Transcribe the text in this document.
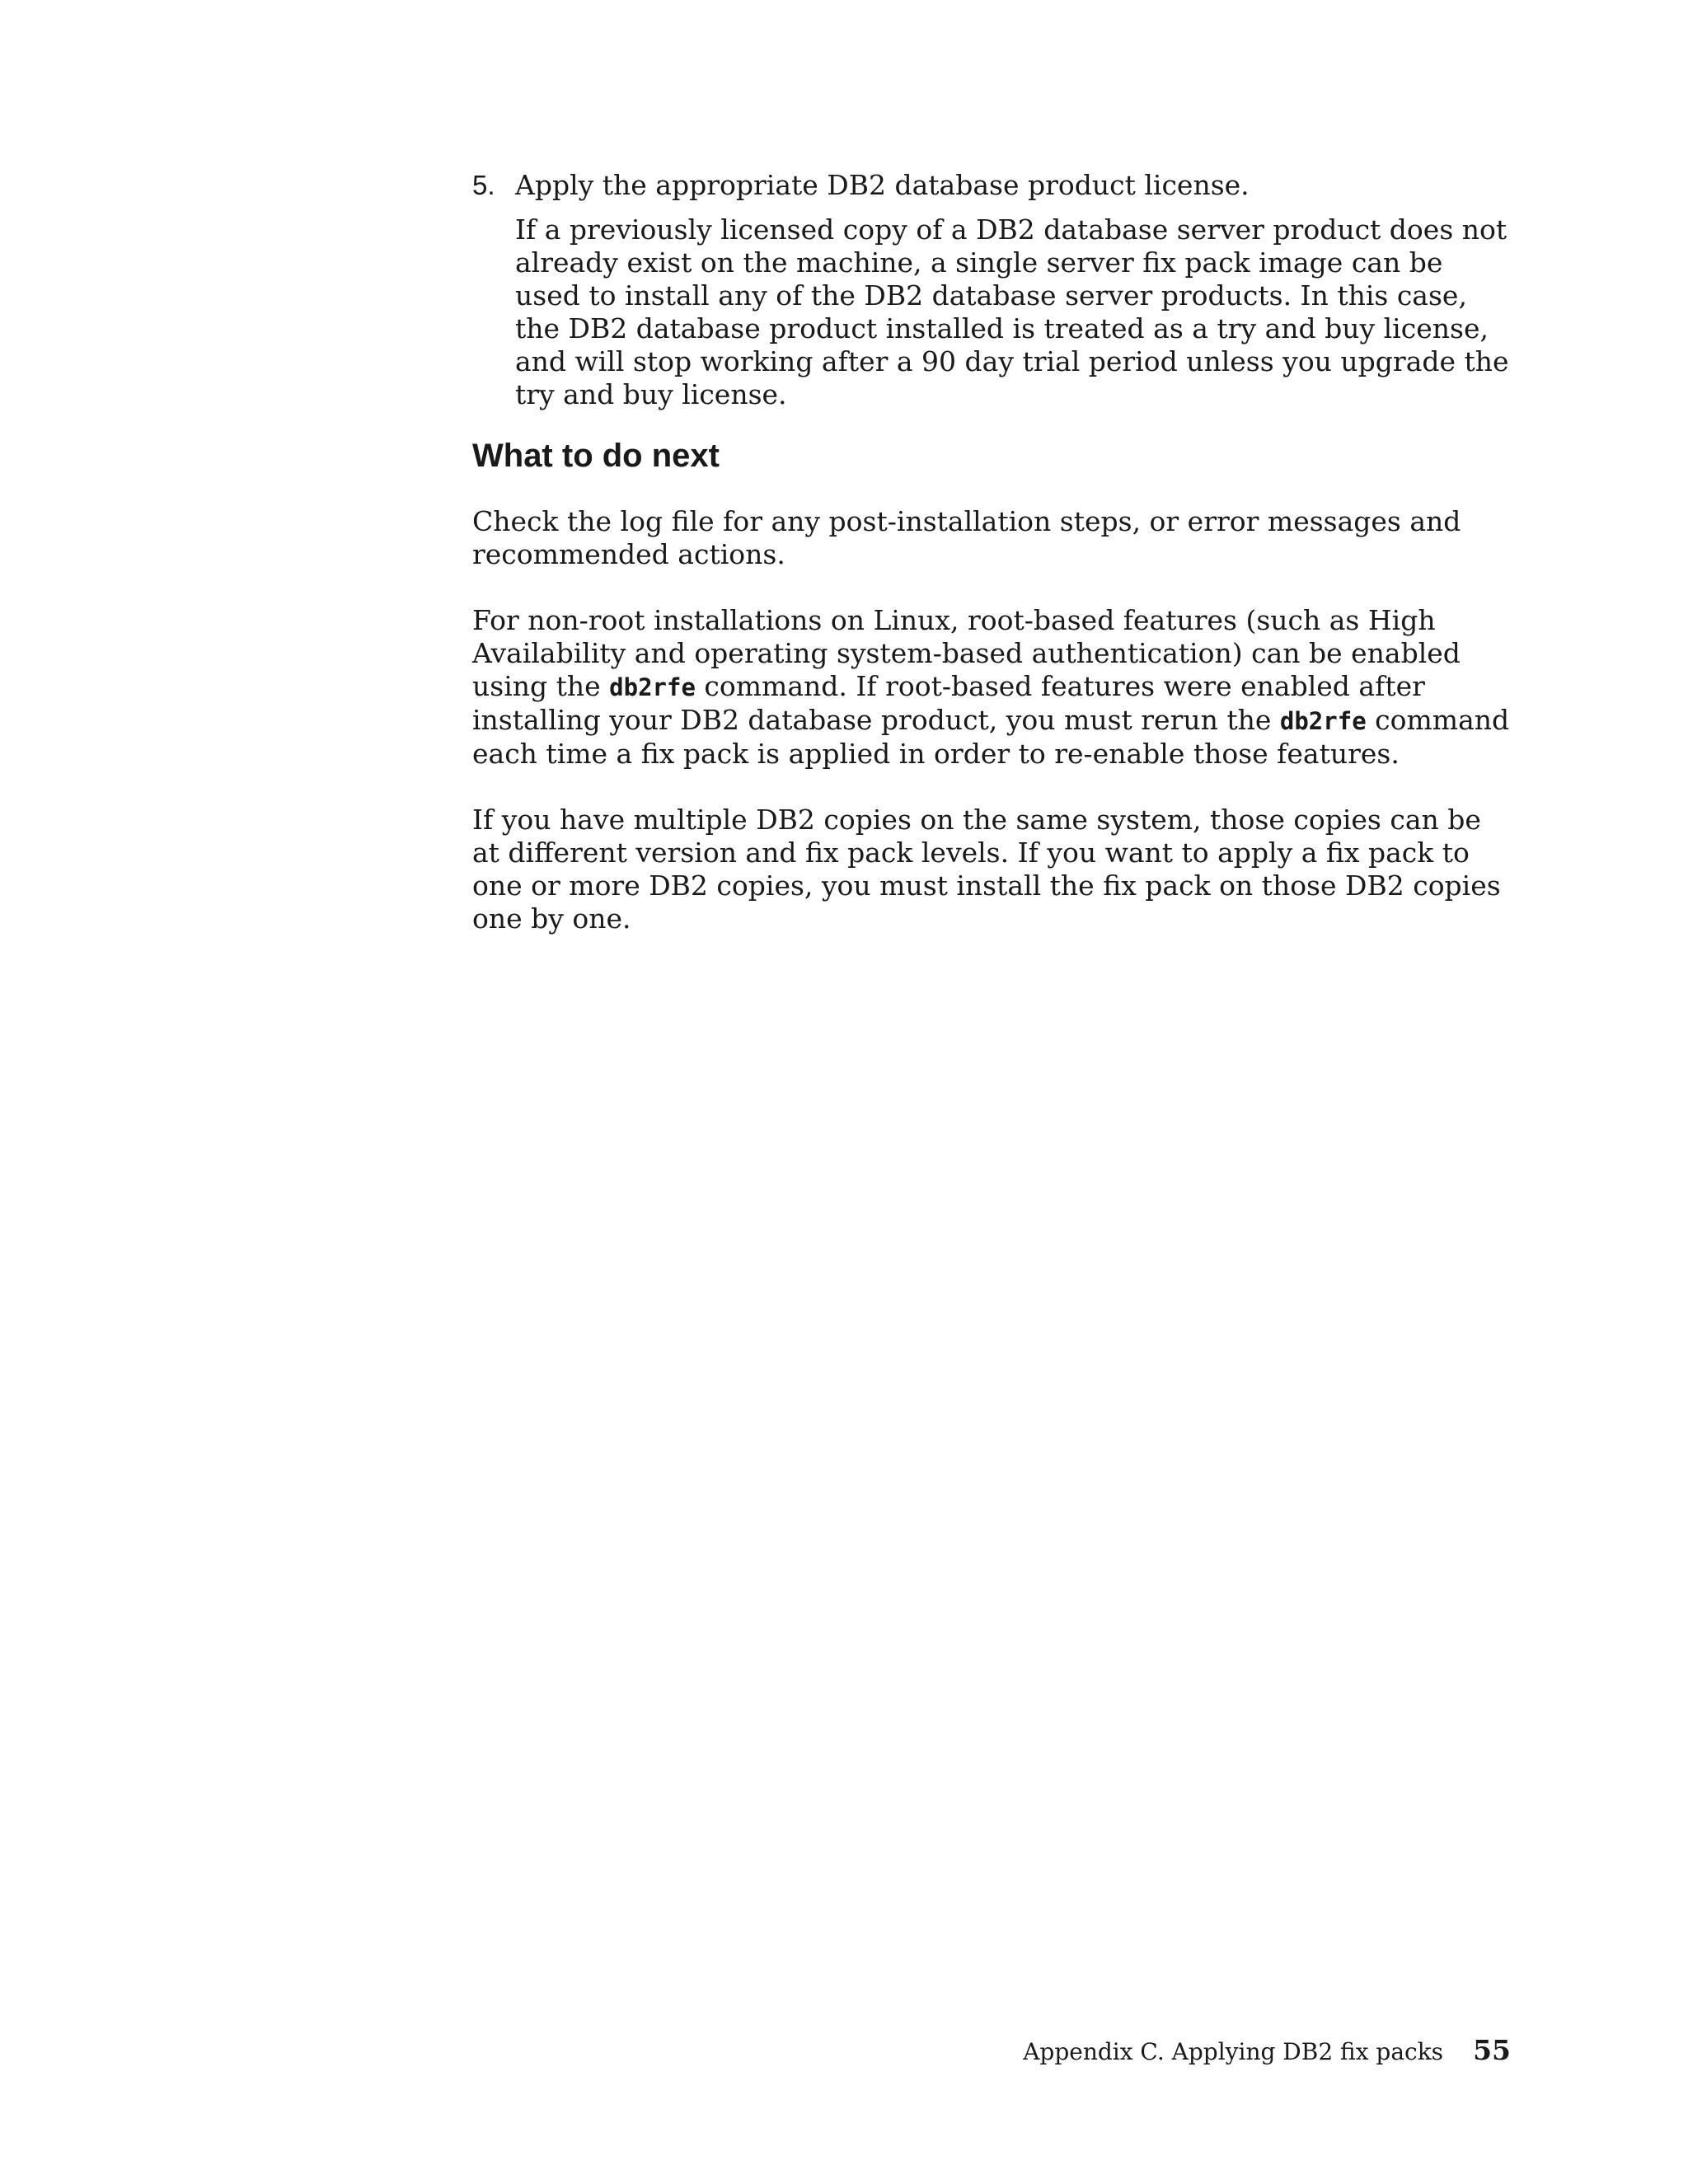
5. Apply the appropriate DB2 database product license.

If a previously licensed copy of a DB2 database server product does not already exist on the machine, a single server fix pack image can be used to install any of the DB2 database server products. In this case, the DB2 database product installed is treated as a try and buy license, and will stop working after a 90 day trial period unless you upgrade the try and buy license.

What to do next

Check the log file for any post-installation steps, or error messages and recommended actions.

For non-root installations on Linux, root-based features (such as High Availability and operating system-based authentication) can be enabled using the db2rfe command. If root-based features were enabled after installing your DB2 database product, you must rerun the db2rfe command each time a fix pack is applied in order to re-enable those features.

If you have multiple DB2 copies on the same system, those copies can be at different version and fix pack levels. If you want to apply a fix pack to one or more DB2 copies, you must install the fix pack on those DB2 copies one by one.

Appendix C. Applying DB2 fix packs 55
